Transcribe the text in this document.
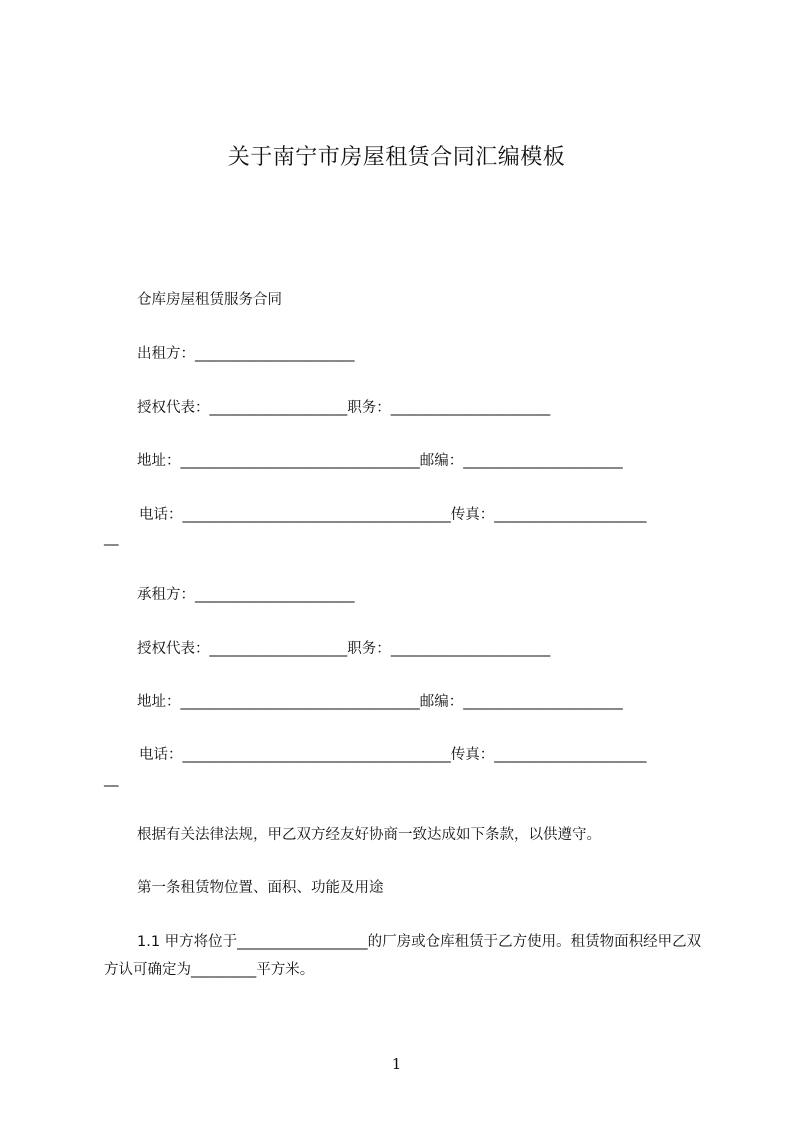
关于南宁市房屋租赁合同汇编模板
仓库房屋租赁服务合同
出租方：______________________
授权代表：___________________职务：______________________
地址：_________________________________邮编：______________________
电话：_____________________________________传真：_____________________
__
承租方：______________________
授权代表：___________________职务：______________________
地址：_________________________________邮编：______________________
电话：_____________________________________传真：_____________________
__
根据有关法律法规，甲乙双方经友好协商一致达成如下条款，以供遵守。
第一条租赁物位置、面积、功能及用途
1.1 甲方将位于__________________的厂房或仓库租赁于乙方使用。租赁物面积经甲乙双方认可确定为_________平方米。
1
